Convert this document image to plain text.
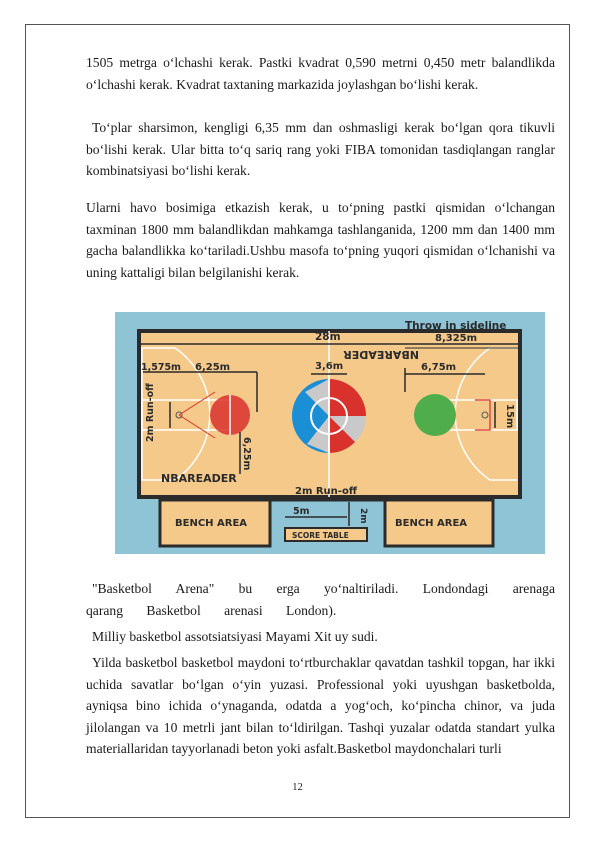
1505 metrga o‘lchashi kerak. Pastki kvadrat 0,590 metrni 0,450 metr balandlikda o‘lchashi kerak. Kvadrat taxtaning markazida joylashgan bo‘lishi kerak.

To‘plar sharsimon, kengligi 6,35 mm dan oshmasligi kerak bo‘lgan qora tikuvli bo‘lishi kerak. Ular bitta to‘q sariq rang yoki FIBA tomonidan tasdiqlangan ranglar kombinatsiyasi bo‘lishi kerak.

Ularni havo bosimiga etkazish kerak, u to‘pning pastki qismidan o‘lchangan taxminan 1800 mm balandlikdan mahkamga tashlanganida, 1200 mm dan 1400 mm gacha balandlikka ko‘tariladi.Ushbu masofa to‘pning yuqori qismidan o‘lchanishi va uning kattaligi bilan belgilanishi kerak.

Throw in sideline
28m	8,325m
NBAREADER
1,575m 6,25m	3,6m	6,75m
2m Run-off
6,25m
15m
NBAREADER
2m Run-off
BENCH AREA	BENCH AREA
5m	2m
SCORE TABLE

"Basketbol Arena" bu erga yo‘naltiriladi. Londondagi arenaga qarang Basketbol arenasi London).

Milliy basketbol assotsiatsiyasi Mayami Xit uy sudi.

Yilda basketbol basketbol maydoni to‘rtburchaklar qavatdan tashkil topgan, har ikki uchida savatlar bo‘lgan o‘yin yuzasi. Professional yoki uyushgan basketbolda, ayniqsa bino ichida o‘ynaganda, odatda a yog‘och, ko‘pincha chinor, va juda jilolangan va 10 metrli jant bilan to‘ldirilgan. Tashqi yuzalar odatda standart yulka materiallaridan tayyorlanadi beton yoki asfalt.Basketbol maydonchalari turli

12
